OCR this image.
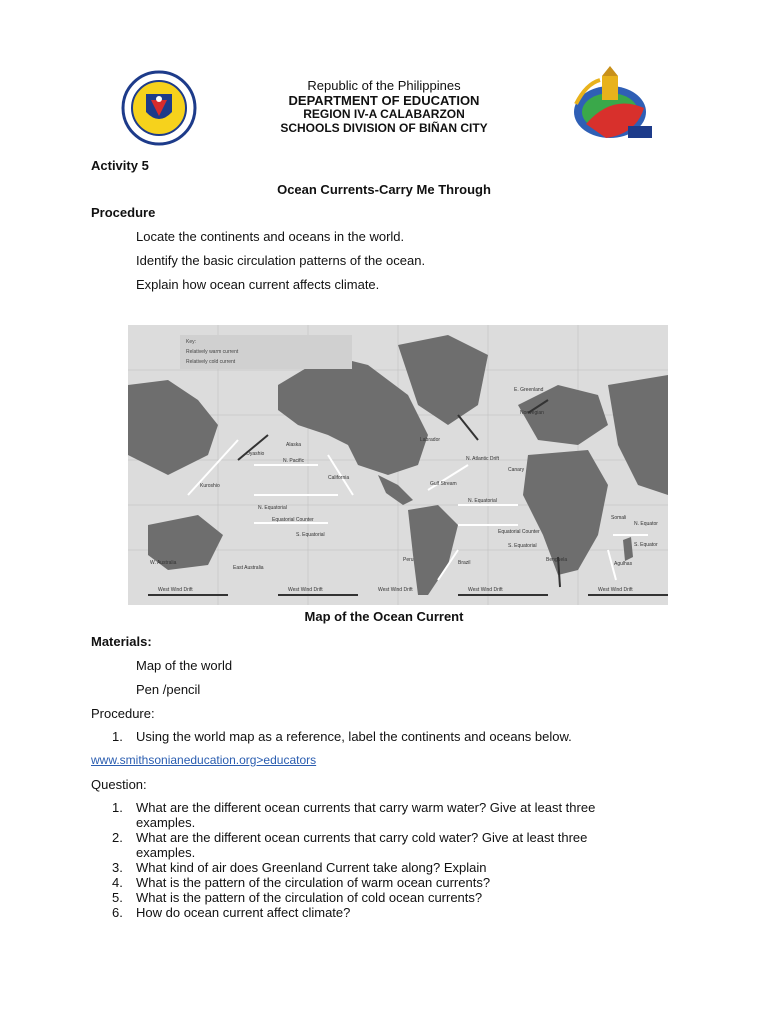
Republic of the Philippines
DEPARTMENT OF EDUCATION
REGION IV-A CALABARZON
SCHOOLS DIVISION OF BIÑAN CITY
Activity 5
Ocean Currents-Carry Me Through
Procedure
Locate the continents and oceans in the world.
Identify the basic circulation patterns of the ocean.
Explain how ocean current affects climate.
Key:
Relatively warm current
Relatively cold current
Alaska
Oyashio
N. Pacific
Kuroshio
California
N. Equatorial
Equatorial Counter
S. Equatorial
W. Australia
East Australia
Labrador
E. Greenland
Norwegian
N. Atlantic Drift
Gulf Stream
Canary
N. Equatorial
Equatorial Counter
S. Equatorial
Peru	Brazil	Benguela
Somali
Agulhas
N. Equator
S. Equator
West Wind Drift	West Wind Drift	West Wind Drift	West Wind Drift	West Wind Drift
Map of the Ocean Current
Materials:
Map of the world
Pen /pencil
Procedure:
1. Using the world map as a reference, label the continents and oceans below.
www.smithsonianeducation.org>educators
Question:
1.	What are the different ocean currents that carry warm water? Give at least three examples.
2.	What are the different ocean currents that carry cold water? Give at least three examples.
3.	What kind of air does Greenland Current take along? Explain
4.	What is the pattern of the circulation of warm ocean currents?
5.	What is the pattern of the circulation of cold ocean currents?
6.	How do ocean current affect climate?
